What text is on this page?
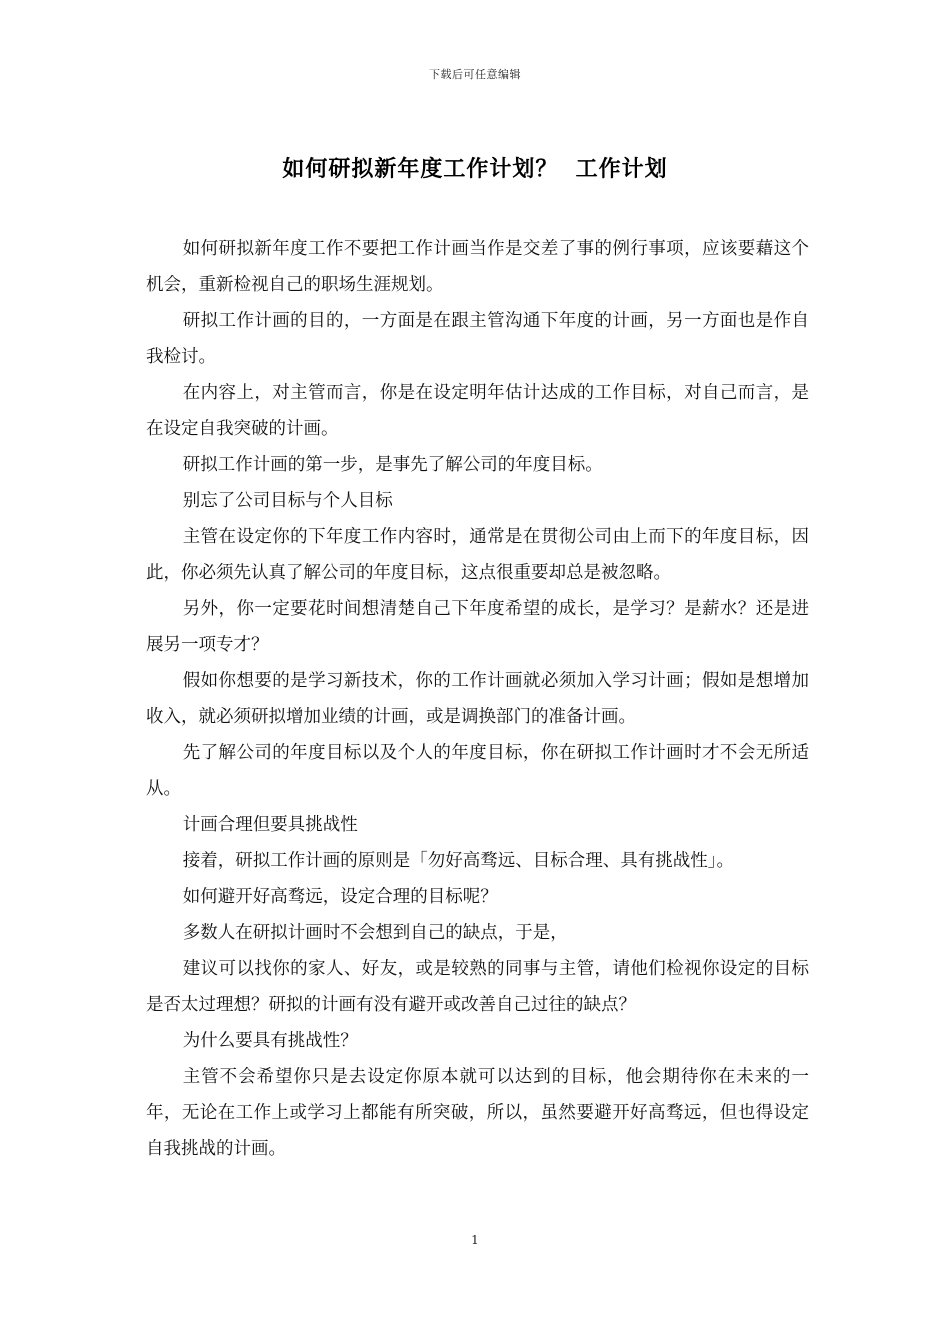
下载后可任意编辑
如何研拟新年度工作计划？  工作计划

如何研拟新年度工作不要把工作计画当作是交差了事的例行事项，应该要藉这个机会，重新检视自己的职场生涯规划。

研拟工作计画的目的，一方面是在跟主管沟通下年度的计画，另一方面也是作自我检讨。

在内容上，对主管而言，你是在设定明年估计达成的工作目标，对自己而言，是在设定自我突破的计画。

研拟工作计画的第一步，是事先了解公司的年度目标。

别忘了公司目标与个人目标

主管在设定你的下年度工作内容时，通常是在贯彻公司由上而下的年度目标，因此，你必须先认真了解公司的年度目标，这点很重要却总是被忽略。

另外，你一定要花时间想清楚自己下年度希望的成长，是学习？是薪水？还是进展另一项专才？

假如你想要的是学习新技术，你的工作计画就必须加入学习计画；假如是想增加收入，就必须研拟增加业绩的计画，或是调换部门的准备计画。

先了解公司的年度目标以及个人的年度目标，你在研拟工作计画时才不会无所适从。

计画合理但要具挑战性

接着，研拟工作计画的原则是「勿好高骛远、目标合理、具有挑战性」。

如何避开好高骛远，设定合理的目标呢？

多数人在研拟计画时不会想到自己的缺点，于是，

建议可以找你的家人、好友，或是较熟的同事与主管，请他们检视你设定的目标是否太过理想？研拟的计画有没有避开或改善自己过往的缺点？

为什么要具有挑战性？

主管不会希望你只是去设定你原本就可以达到的目标，他会期待你在未来的一年，无论在工作上或学习上都能有所突破，所以，虽然要避开好高骛远，但也得设定自我挑战的计画。

1
